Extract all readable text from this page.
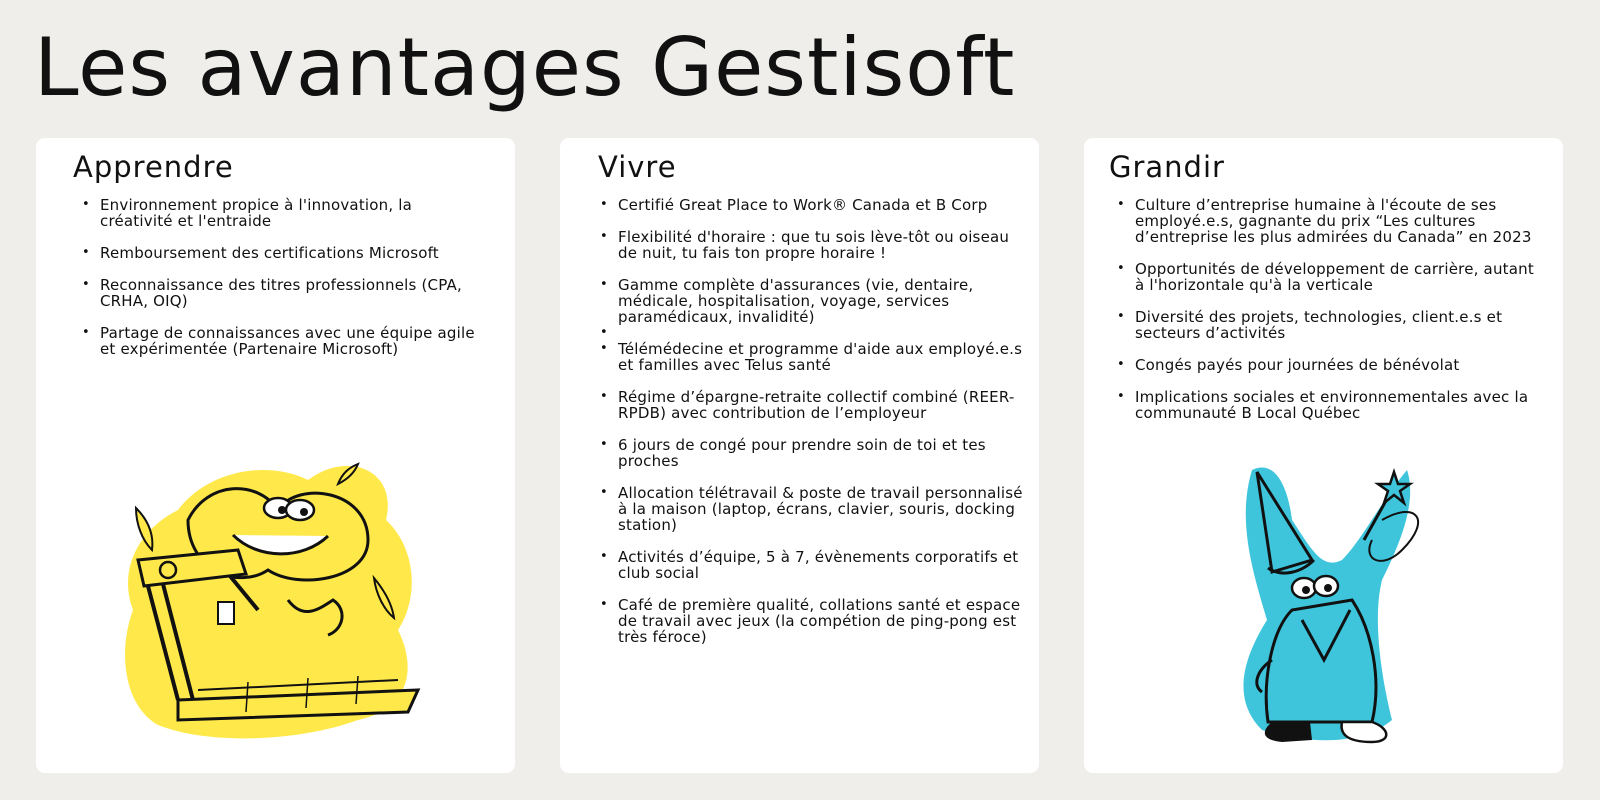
Les avantages Gestisoft
Apprendre
• Environnement propice à l'innovation, la créativité et l'entraide
• Remboursement des certifications Microsoft
• Reconnaissance des titres professionnels (CPA, CRHA, OIQ)
• Partage de connaissances avec une équipe agile et expérimentée (Partenaire Microsoft)
Vivre
• Certifié Great Place to Work® Canada et B Corp
• Flexibilité d'horaire : que tu sois lève-tôt ou oiseau de nuit, tu fais ton propre horaire !
• Gamme complète d'assurances (vie, dentaire, médicale, hospitalisation, voyage, services paramédicaux, invalidité)
•
• Télémédecine et programme d'aide aux employé.e.s et familles avec Telus santé
• Régime d’épargne-retraite collectif combiné (REER-RPDB) avec contribution de l’employeur
• 6 jours de congé pour prendre soin de toi et tes proches
• Allocation télétravail & poste de travail personnalisé à la maison (laptop, écrans, clavier, souris, docking station)
• Activités d’équipe, 5 à 7, évènements corporatifs et club social
• Café de première qualité, collations santé et espace de travail avec jeux (la compétion de ping-pong est très féroce)
Grandir
• Culture d’entreprise humaine à l'écoute de ses employé.e.s, gagnante du prix “Les cultures d’entreprise les plus admirées du Canada” en 2023
• Opportunités de développement de carrière, autant à l'horizontale qu'à la verticale
• Diversité des projets, technologies, client.e.s et secteurs d’activités
• Congés payés pour journées de bénévolat
• Implications sociales et environnementales avec la communauté B Local Québec
